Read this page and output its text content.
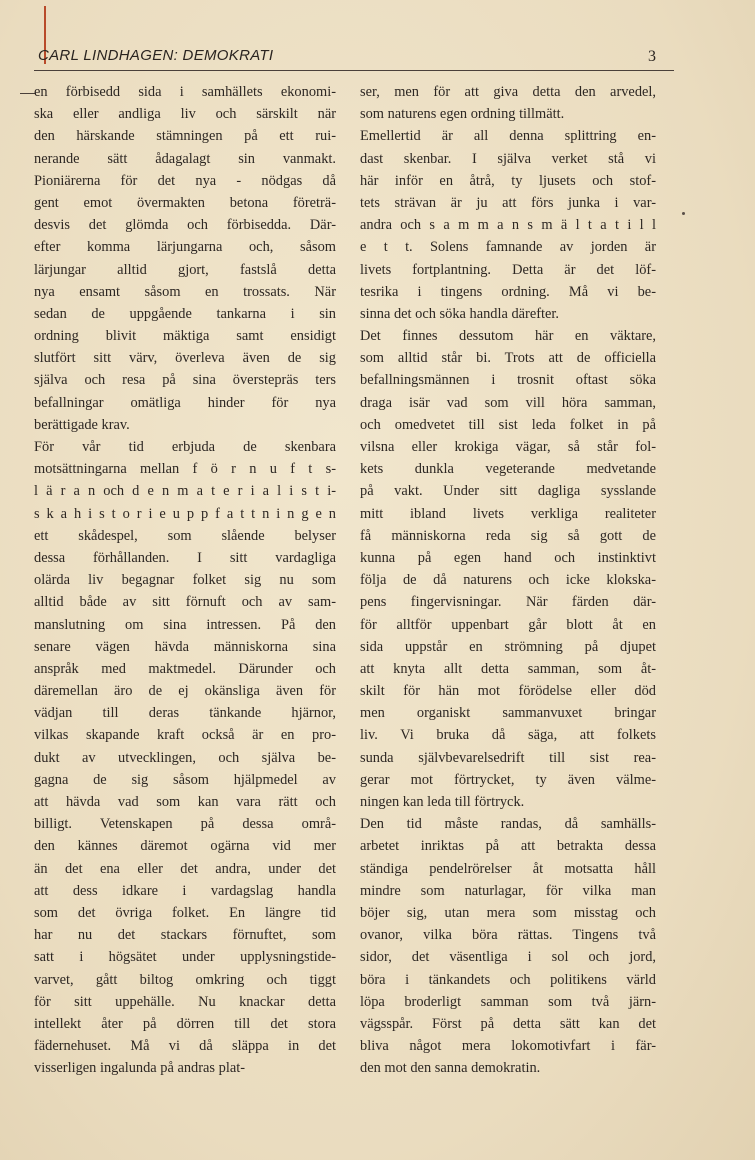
CARL LINDHAGEN: DEMOKRATI	3
en förbisedd sida i samhällets ekonomi-
ska eller andliga liv och särskilt när
den härskande stämningen på ett rui-
nerande sätt ådagalagt sin vanmakt.
Pioniärerna för det nya - nödgas då
gent emot övermakten betona företrä-
desvis det glömda och förbisedda. Där-
efter komma lärjungarna och, såsom
lärjungar alltid gjort, fastslå detta
nya ensamt såsom en trossats. När
sedan de uppgående tankarna i sin
ordning blivit mäktiga samt ensidigt
slutfört sitt värv, överleva även de sig
själva och resa på sina överstepräs ters
befallningar omätliga hinder för nya
berättigade krav.
För vår tid erbjuda de skenbara
motsättningarna mellan f ö r n u f t s-
l ä r a n och d e n m a t e r i a l i s t i-
s k a h i s t o r i e u p p f a t t n i n g e n
ett skådespel, som slående belyser
dessa förhållanden. I sitt vardagliga
olärda liv begagnar folket sig nu som
alltid både av sitt förnuft och av sam-
manslutning om sina intressen. På den
senare vägen hävda människorna sina
anspråk med maktmedel. Därunder och
däremellan äro de ej okänsliga även för
vädjan till deras tänkande hjärnor,
vilkas skapande kraft också är en pro-
dukt av utvecklingen, och själva be-
gagna de sig såsom hjälpmedel av
att hävda vad som kan vara rätt och
billigt. Vetenskapen på dessa områ-
den kännes däremot ogärna vid mer
än det ena eller det andra, under det
att dess idkare i vardagslag handla
som det övriga folket. En längre tid
har nu det stackars förnuftet, som
satt i högsätet under upplysningstide-
varvet, gått biltog omkring och tiggt
för sitt uppehälle. Nu knackar detta
intellekt åter på dörren till det stora
fädernehuset. Må vi då släppa in det
visserligen ingalunda på andras plat-
ser, men för att giva detta den arvedel,
som naturens egen ordning tillmätt.
Emellertid är all denna splittring en-
dast skenbar. I själva verket stå vi
här inför en åtrå, ty ljusets och stof-
tets strävan är ju att förs junka i var-
andra och s a m m a n s m ä l t a t i l l
e t t. Solens famnande av jorden är
livets fortplantning. Detta är det löf-
tesrika i tingens ordning. Må vi be-
sinna det och söka handla därefter.
Det finnes dessutom här en väktare,
som alltid står bi. Trots att de officiella
befallningsmännen i trosnit oftast söka
draga isär vad som vill höra samman,
och omedvetet till sist leda folket in på
vilsna eller krokiga vägar, så står fol-
kets dunkla vegeterande medvetande
på vakt. Under sitt dagliga sysslande
mitt ibland livets verkliga realiteter
få människorna reda sig så gott de
kunna på egen hand och instinktivt
följa de då naturens och icke klokska-
pens fingervisningar. När färden där-
för alltför uppenbart går blott åt en
sida uppstår en strömning på djupet
att knyta allt detta samman, som åt-
skilt för hän mot förödelse eller död
men organiskt sammanvuxet bringar
liv. Vi bruka då säga, att folkets
sunda självbevarelsedrift till sist rea-
gerar mot förtrycket, ty även välme-
ningen kan leda till förtryck.
Den tid måste randas, då samhälls-
arbetet inriktas på att betrakta dessa
ständiga pendelrörelser åt motsatta håll
mindre som naturlagar, för vilka man
böjer sig, utan mera som misstag och
ovanor, vilka böra rättas. Tingens två
sidor, det väsentliga i sol och jord,
böra i tänkandets och politikens värld
löpa broderligt samman som två järn-
vägsspår. Först på detta sätt kan det
bliva något mera lokomotivfart i fär-
den mot den sanna demokratin.
